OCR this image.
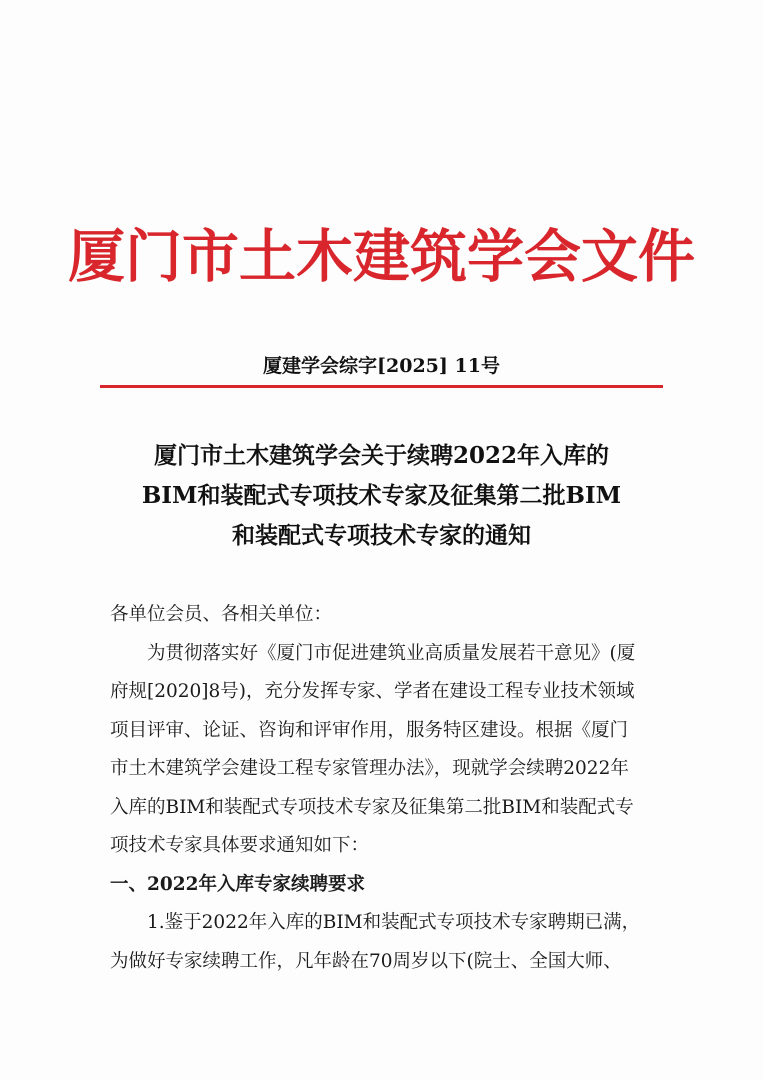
厦门市土木建筑学会文件
厦建学会综字[2025] 11号
厦门市土木建筑学会关于续聘2022年入库的
BIM和装配式专项技术专家及征集第二批BIM
和装配式专项技术专家的通知
各单位会员、各相关单位：
为贯彻落实好《厦门市促进建筑业高质量发展若干意见》(厦
府规[2020]8号)，充分发挥专家、学者在建设工程专业技术领域
项目评审、论证、咨询和评审作用，服务特区建设。根据《厦门
市土木建筑学会建设工程专家管理办法》，现就学会续聘2022年
入库的BIM和装配式专项技术专家及征集第二批BIM和装配式专
项技术专家具体要求通知如下：
一、2022年入库专家续聘要求
1.鉴于2022年入库的BIM和装配式专项技术专家聘期已满，
为做好专家续聘工作，凡年龄在70周岁以下(院士、全国大师、
